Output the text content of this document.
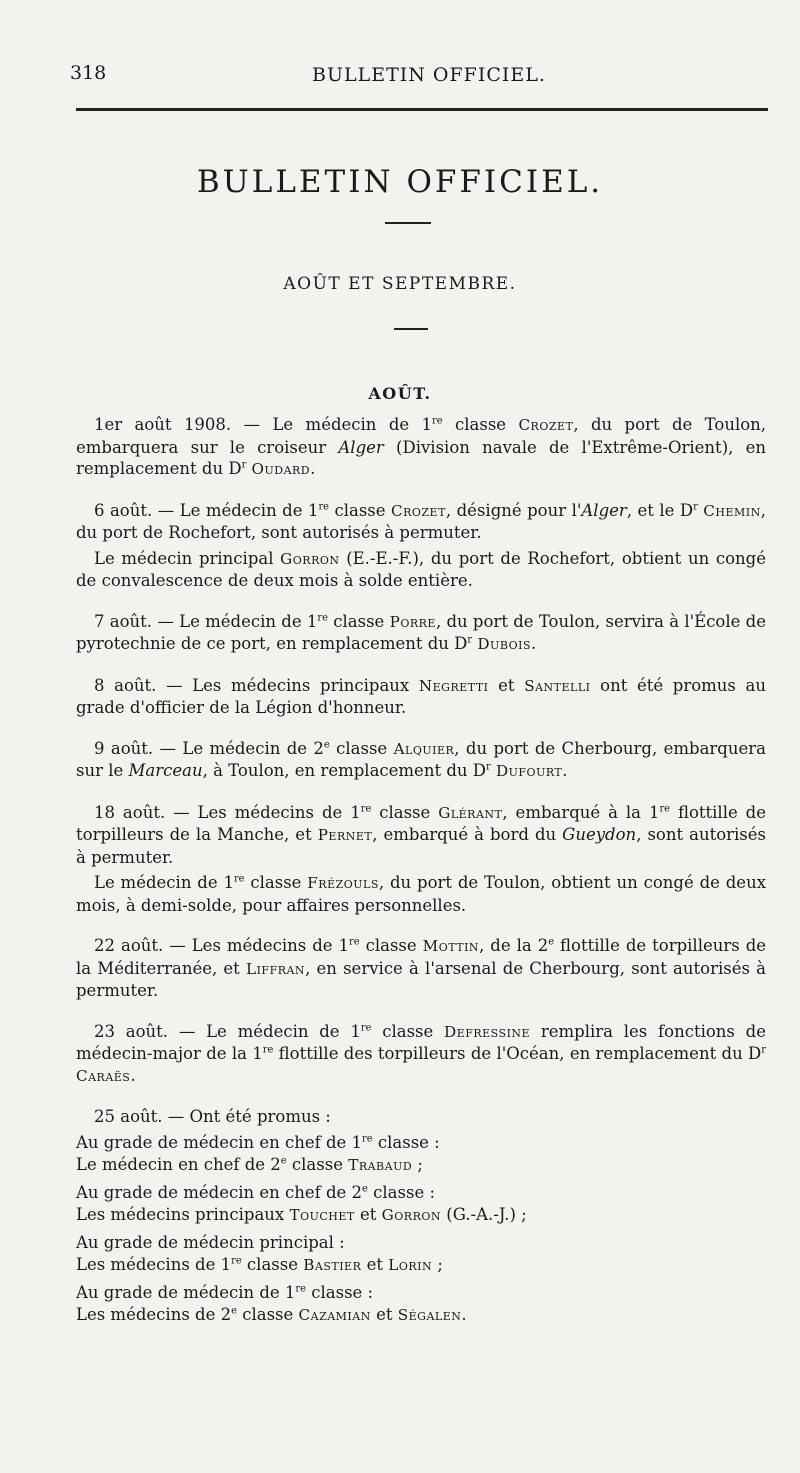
318	BULLETIN OFFICIEL.
BULLETIN OFFICIEL.
AOÛT ET SEPTEMBRE.
AOÛT.

1er août 1908. — Le médecin de 1re classe Crozet, du port de Toulon, embarquera sur le croiseur Alger (Division navale de l'Extrême-Orient), en remplacement du $D^r$ Oudard.

6 août. — Le médecin de 1re classe Crozet, désigné pour l'Alger, et le $D^r$ Chemin, du port de Rochefort, sont autorisés à permuter.

Le médecin principal Gorron (E.-E.-F.), du port de Rochefort, obtient un congé de convalescence de deux mois à solde entière.

7 août. — Le médecin de 1re classe Porre, du port de Toulon, servira à l'École de pyrotechnie de ce port, en remplacement du $D^r$ Dubois.

8 août. — Les médecins principaux Negretti et Santelli ont été promus au grade d'officier de la Légion d'honneur.

9 août. — Le médecin de 2e classe Alquier, du port de Cherbourg, embarquera sur le Marceau, à Toulon, en remplacement du $D^r$ Dufourt.

18 août. — Les médecins de 1re classe Glérant, embarqué à la 1re flottille de torpilleurs de la Manche, et Pernet, embarqué à bord du Gueydon, sont autorisés à permuter.

Le médecin de 1re classe Frézouls, du port de Toulon, obtient un congé de deux mois, à demi-solde, pour affaires personnelles.

22 août. — Les médecins de 1re classe Mottin, de la 2e flottille de torpilleurs de la Méditerranée, et Liffran, en service à l'arsenal de Cherbourg, sont autorisés à permuter.

23 août. — Le médecin de 1re classe Defressine remplira les fonctions de médecin-major de la 1re flottille des torpilleurs de l'Océan, en remplacement du $D^r$ Caraës.

25 août. — Ont été promus :

Au grade de médecin en chef de 1re classe :
Le médecin en chef de 2e classe Trabaud ;
Au grade de médecin en chef de 2e classe :
Les médecins principaux Touchet et Gorron (G.-A.-J.) ;
Au grade de médecin principal :
Les médecins de 1re classe Bastier et Lorin ;
Au grade de médecin de 1re classe :
Les médecins de 2e classe Cazamian et Ségalen.
